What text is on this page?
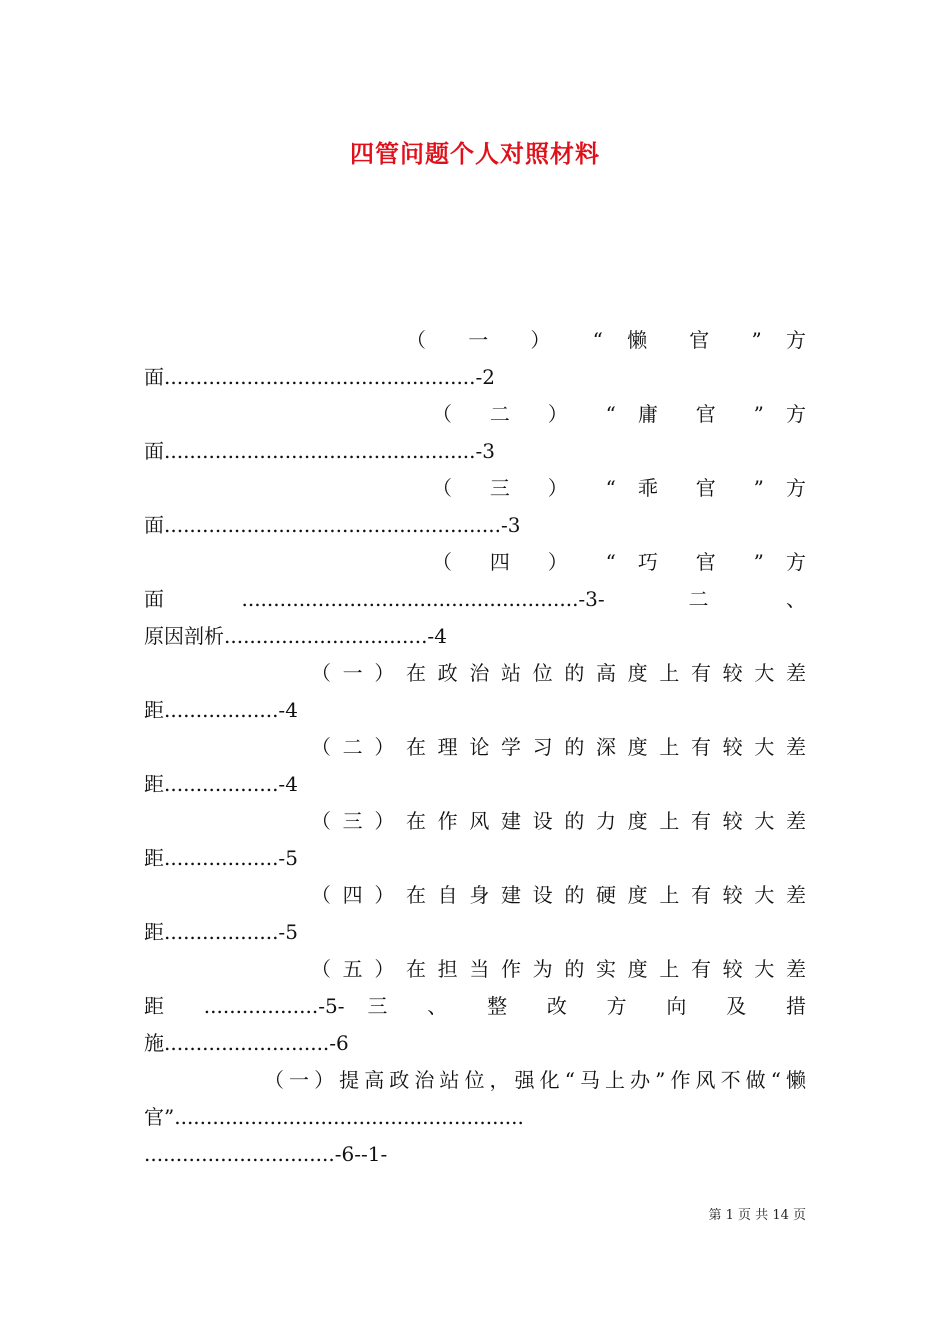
四管问题个人对照材料
（ 一 ） “ 懒 官 ” 方
面.................................................-2
（ 二 ） “ 庸 官 ” 方
面.................................................-3
（ 三 ） “ 乖 官 ” 方
面.....................................................-3
（ 四 ） “ 巧 官 ” 方
面.....................................................-3- 二、
原因剖析................................-4
（ 一 ） 在 政 治 站 位 的 高 度 上 有 较 大 差
距..................-4
（ 二 ） 在 理 论 学 习 的 深 度 上 有 较 大 差
距..................-4
（ 三 ） 在 作 风 建 设 的 力 度 上 有 较 大 差
距..................-5
（ 四 ） 在 自 身 建 设 的 硬 度 上 有 较 大 差
距..................-5
（ 五 ） 在 担 当 作 为 的 实 度 上 有 较 大 差
距 ..................-5- 三 、 整 改 方 向 及 措
施..........................-6
（一）提高政治站位，强化“马上办”作风不做“懒
官”.......................................................
..............................-6--1-
第 1 页 共 14 页
